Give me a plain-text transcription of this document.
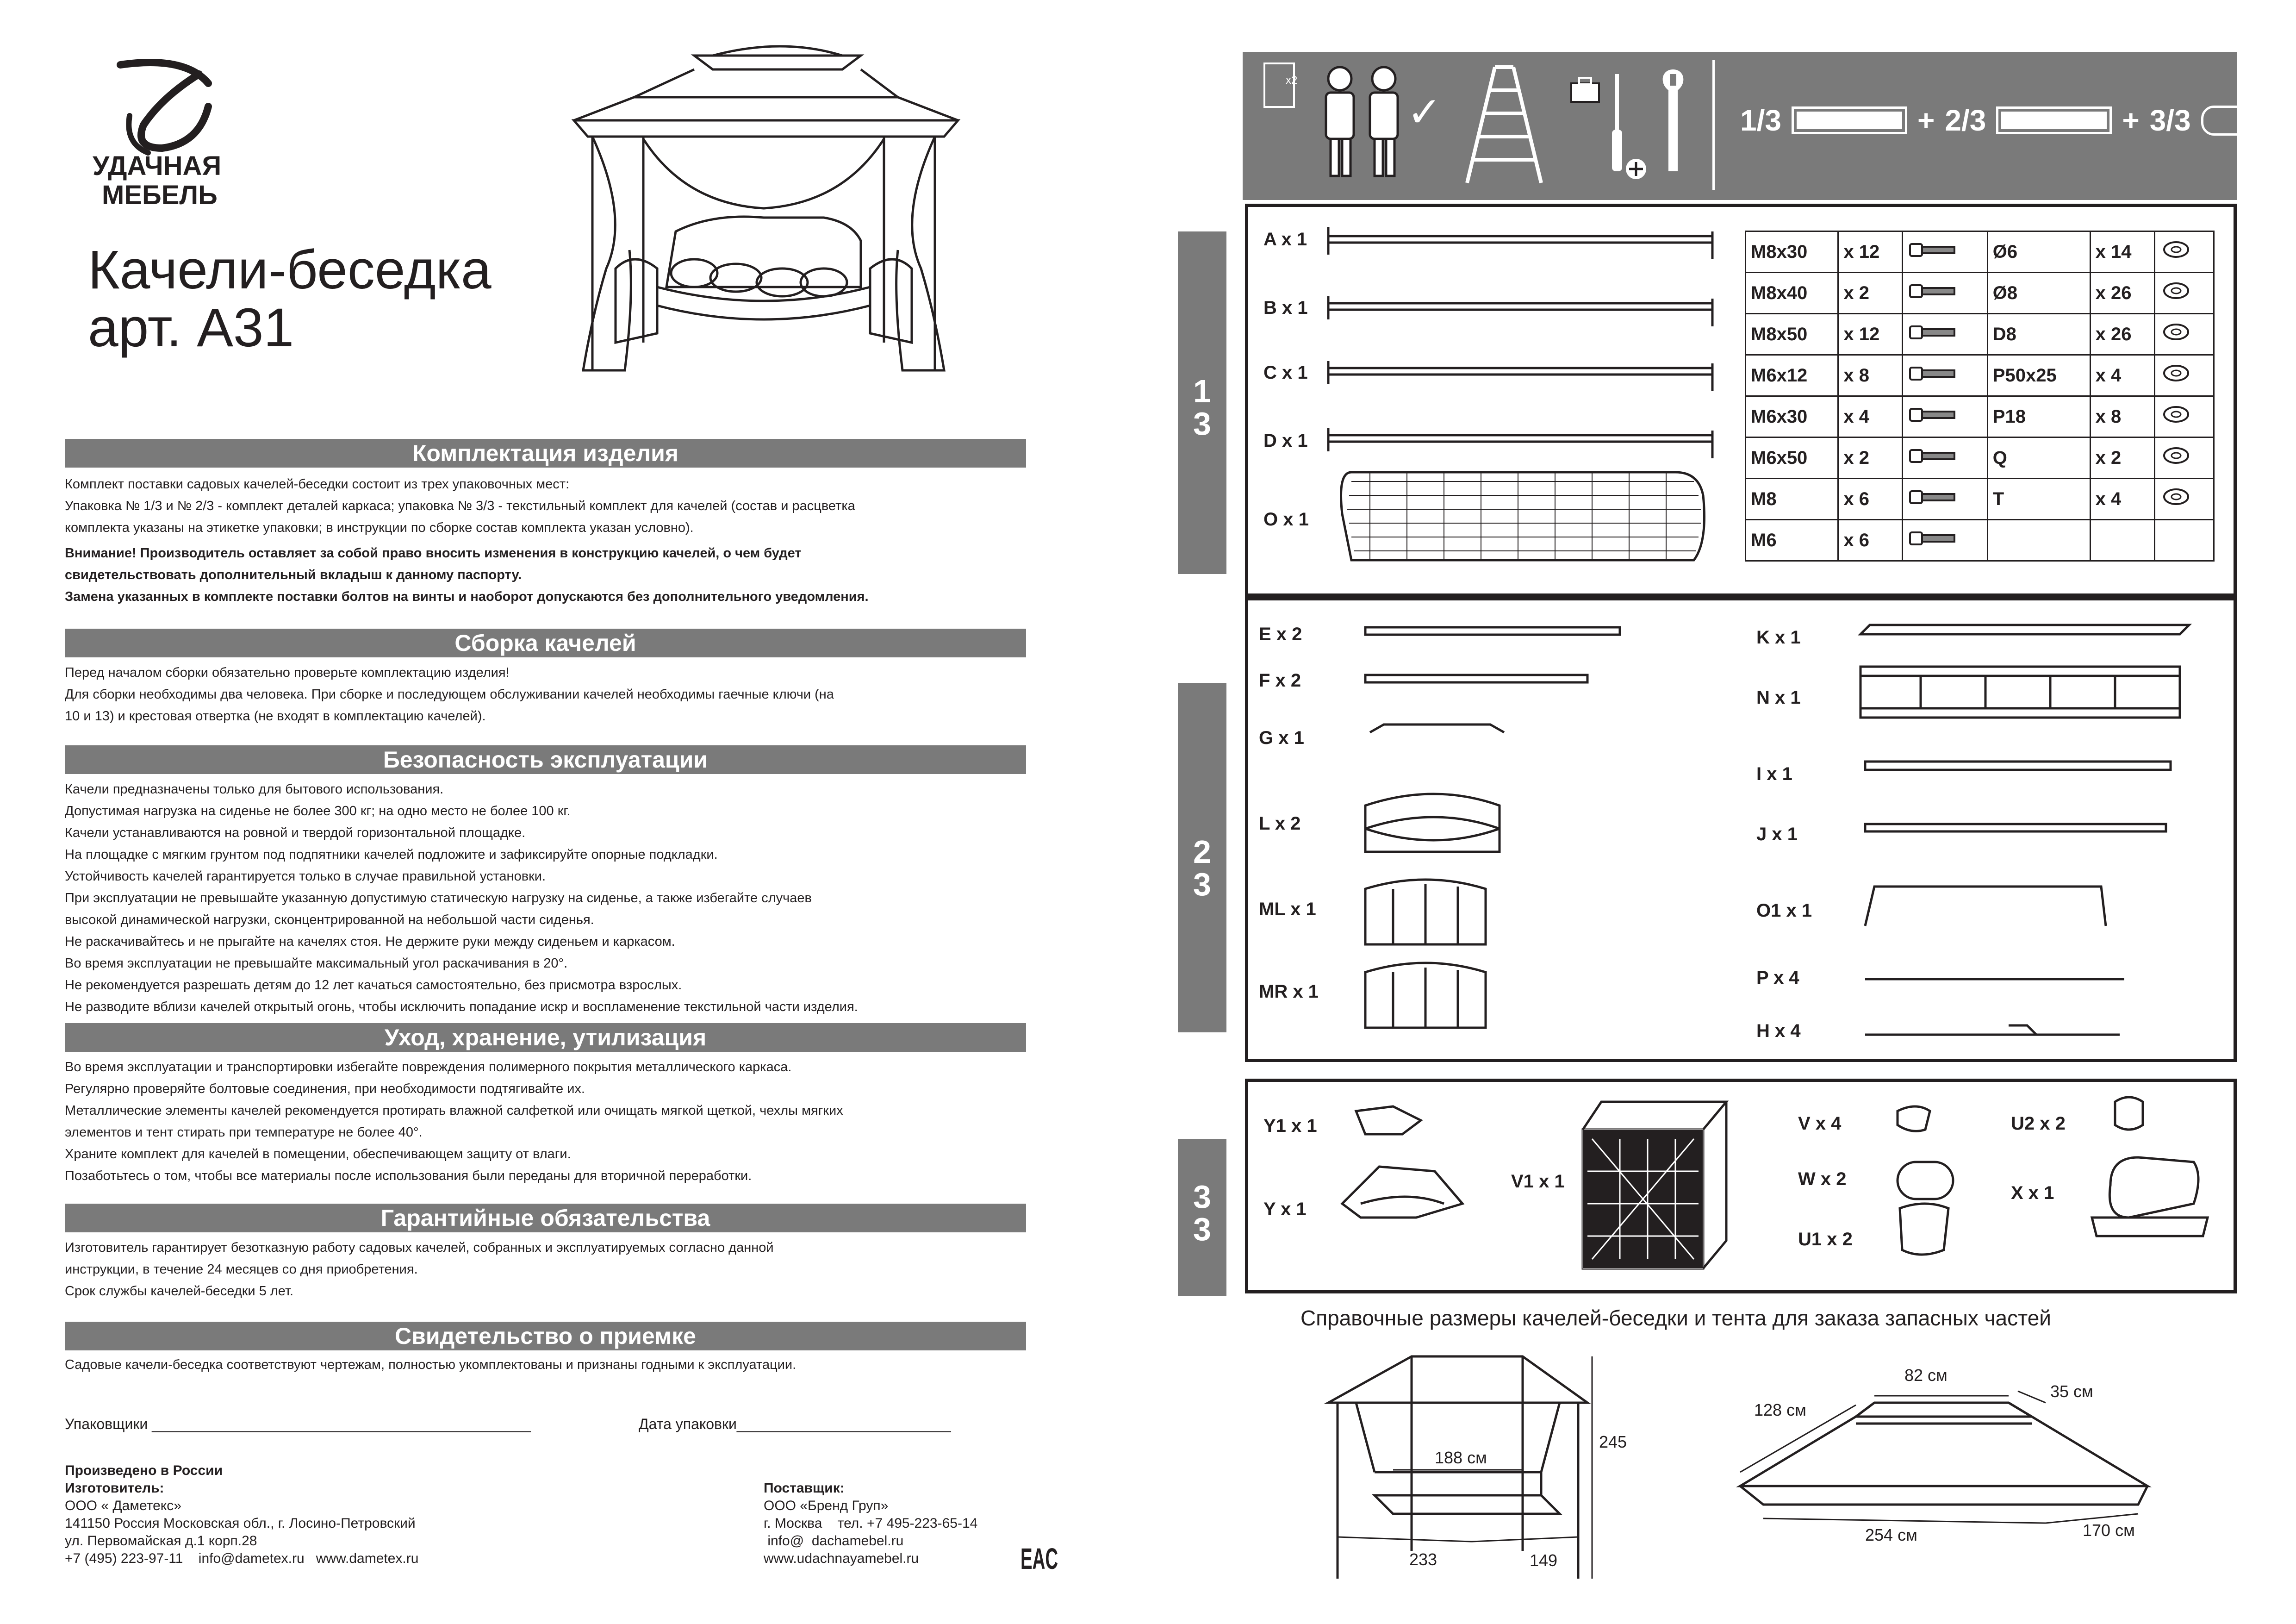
УДАЧНАЯ
МЕБЕЛЬ
Качели-беседка
арт. А31
Комплектация изделия
Комплект поставки садовых качелей-беседки состоит из трех упаковочных мест:
Упаковка № 1/3 и № 2/3 - комплект деталей каркаса; упаковка № 3/3 - текстильный комплект для качелей (состав и расцветка
комплекта указаны на этикетке упаковки; в инструкции по сборке состав комплекта указан условно).
Внимание! Производитель оставляет за собой право вносить изменения в конструкцию качелей, о чем будет
свидетельствовать дополнительный вкладыш к данному паспорту.
Замена указанных в комплекте поставки болтов на винты и наоборот допускаются без дополнительного уведомления.
Сборка качелей
Перед началом сборки обязательно проверьте комплектацию изделия!
Для сборки необходимы два человека. При сборке и последующем обслуживании качелей необходимы гаечные ключи (на
10 и 13) и крестовая отвертка (не входят в комплектацию качелей).
Безопасность эксплуатации
Качели предназначены только для бытового использования.
Допустимая нагрузка на сиденье не более 300 кг; на одно место не более 100 кг.
Качели устанавливаются на ровной и твердой горизонтальной площадке.
На площадке с мягким грунтом под подпятники качелей подложите и зафиксируйте опорные подкладки.
Устойчивость качелей гарантируется только в случае правильной установки.
При эксплуатации не превышайте указанную допустимую статическую нагрузку на сиденье, а также избегайте случаев
высокой динамической нагрузки, сконцентрированной на небольшой части сиденья.
Не раскачивайтесь и не прыгайте на качелях стоя. Не держите руки между сиденьем и каркасом.
Во время эксплуатации не превышайте максимальный угол раскачивания в 20°.
Не рекомендуется разрешать детям до 12 лет качаться самостоятельно, без присмотра взрослых.
Не разводите вблизи качелей открытый огонь, чтобы исключить попадание искр и воспламенение текстильной части изделия.
Уход, хранение, утилизация
Во время эксплуатации и транспортировки избегайте повреждения полимерного покрытия металлического каркаса.
Регулярно проверяйте болтовые соединения, при необходимости подтягивайте их.
Металлические элементы качелей рекомендуется протирать влажной салфеткой или очищать мягкой щеткой, чехлы мягких
элементов и тент стирать при температуре не более 40°.
Храните комплект для качелей в помещении, обеспечивающем защиту от влаги.
Позаботьтесь о том, чтобы все материалы после использования были переданы для вторичной переработки.
Гарантийные обязательства
Изготовитель гарантирует безотказную работу садовых качелей, собранных и эксплуатируемых согласно данной
инструкции, в течение 24 месяцев со дня приобретения.
Срок службы качелей-беседки 5 лет.
Свидетельство о приемке
Садовые качели-беседка соответствуют чертежам, полностью укомплектованы и признаны годными к эксплуатации.
Упаковщики ______________________________________________	Дата упаковки__________________________
Произведено в России
Изготовитель:
ООО « Даметекс»
141150 Россия Московская обл., г. Лосино-Петровский
ул. Первомайская д.1 корп.28
+7 (495) 223-97-11    info@dametex.ru   www.dametex.ru
Поставщик:
ООО «Бренд Груп»
г. Москва    тел. +7 495-223-65-14
info@  dachamebel.ru
www.udachnayamebel.ru	EAC
x2
✓	1/3	+ 2/3	+ 3/3
1
3
A x 1
B x 1
C x 1
D x 1
O x 1
M8x30	x 12		Ø6	x 14	
M8x40	x 2		Ø8	x 26	
M8x50	x 12		D8	x 26	
M6x12	x 8		P50x25	x 4	
M6x30	x 4		P18	x 8	
M6x50	x 2		Q	x 2	
M8	x 6		T	x 4	
M6	x 6				
2
3
E x 2
F x 2
G x 1
L x 2
ML x 1
MR x 1
K x 1
N x 1
I x 1
J x 1
O1 x 1
P x 4
H x 4
3
3
Y1 x 1
Y x 1
V1 x 1
V x 4
W x 2
U1 x 2
U2 x 2
X x 1
Справочные размеры качелей-беседки и тента для заказа запасных частей
188 см
245
233	149
82 см
35 см
128 см
254 см	170 см
